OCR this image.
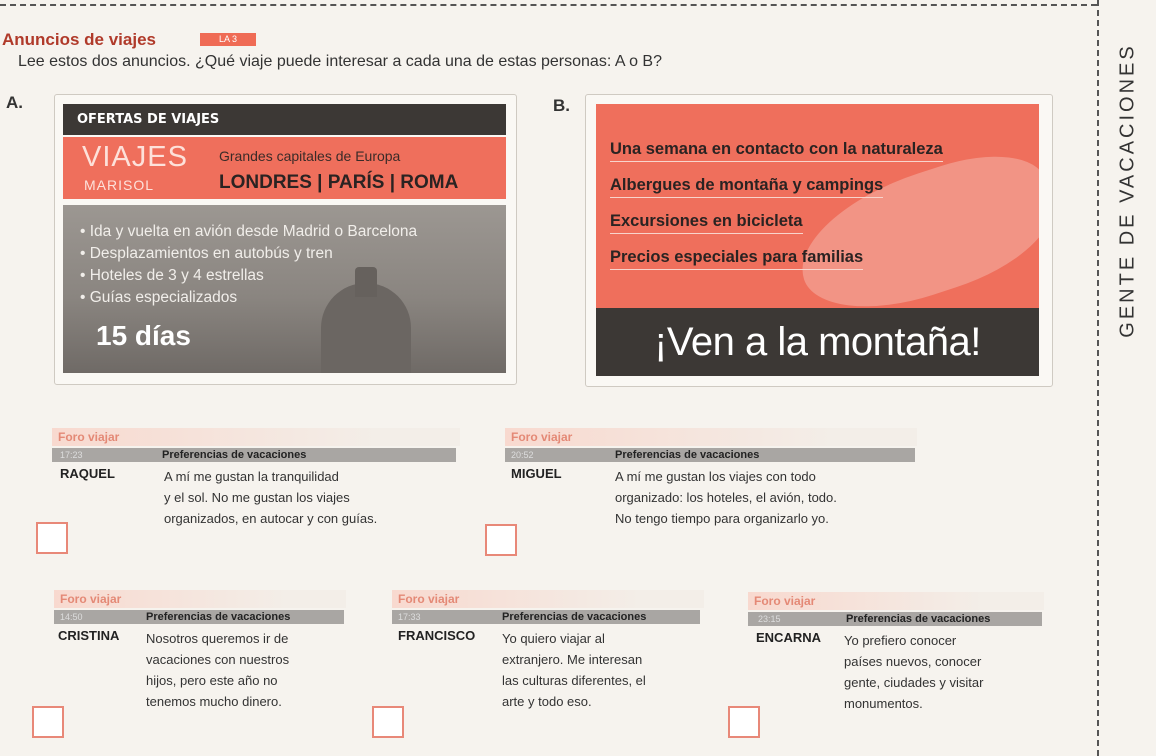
GENTE DE VACACIONES
Anuncios de viajes	LA 3
Lee estos dos anuncios. ¿Qué viaje puede interesar a cada una de estas personas: A o B?
A.
OFERTAS DE VIAJES
VIAJES
MARISOL
Grandes capitales de Europa
LONDRES | PARÍS | ROMA
• Ida y vuelta en avión desde Madrid o Barcelona
• Desplazamientos en autobús y tren
• Hoteles de 3 y 4 estrellas
• Guías especializados
15 días
B.
Una semana en contacto con la naturaleza
Albergues de montaña y campings
Excursiones en bicicleta
Precios especiales para familias
¡Ven a la montaña!
Foro viajar
17:23	Preferencias de vacaciones
RAQUEL	A mí me gustan la tranquilidad
y el sol. No me gustan los viajes
organizados, en autocar y con guías.
Foro viajar
20:52	Preferencias de vacaciones
MIGUEL	A mí me gustan los viajes con todo
organizado: los hoteles, el avión, todo.
No tengo tiempo para organizarlo yo.
Foro viajar
14:50	Preferencias de vacaciones
CRISTINA Nosotros queremos ir de
vacaciones con nuestros
hijos, pero este año no
tenemos mucho dinero.
Foro viajar
17:33	Preferencias de vacaciones
FRANCISCO Yo quiero viajar al
extranjero. Me interesan
las culturas diferentes, el
arte y todo eso.
Foro viajar
23:15	Preferencias de vacaciones
ENCARNA Yo prefiero conocer
países nuevos, conocer
gente, ciudades y visitar
monumentos.
